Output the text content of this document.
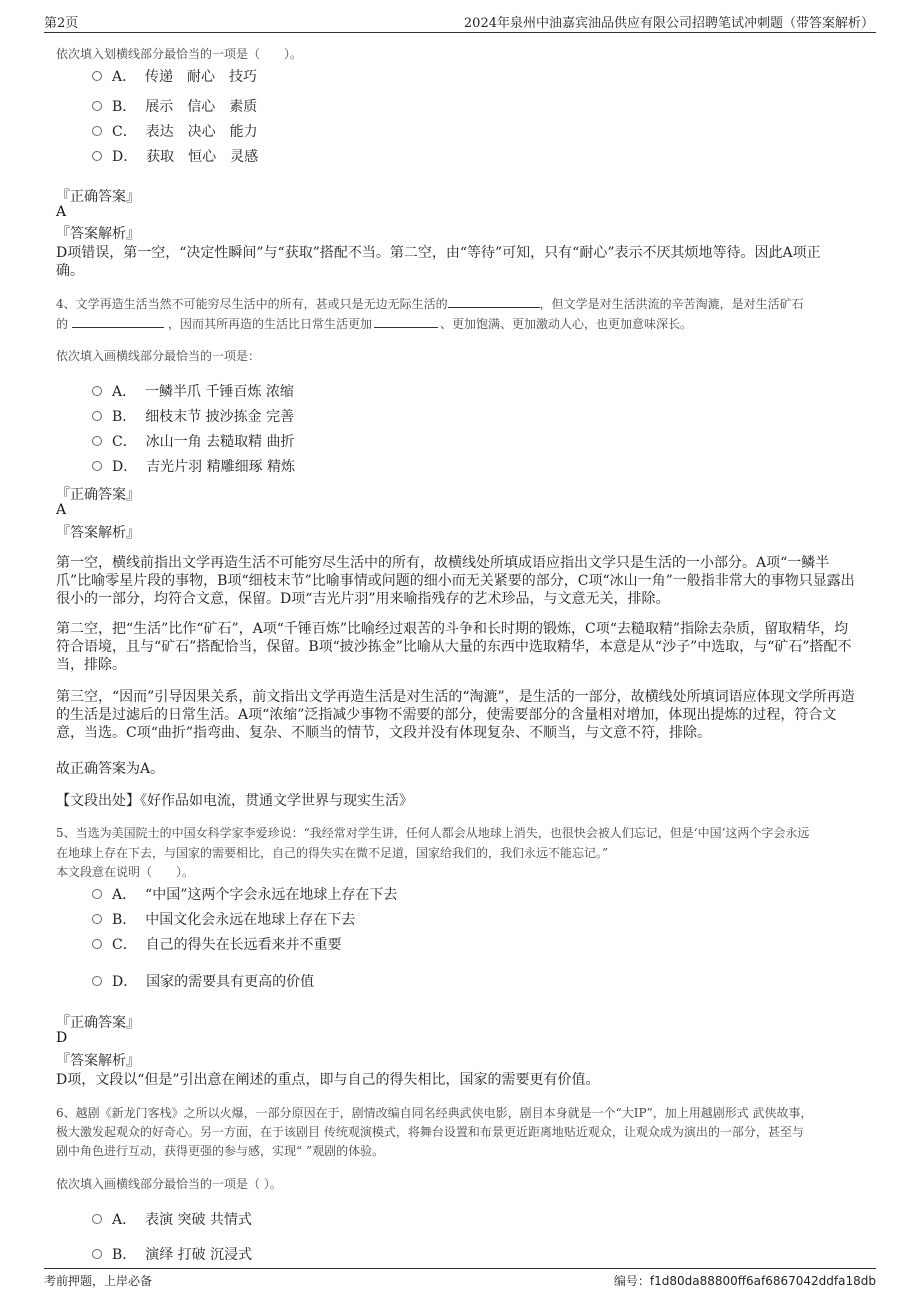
第2页	2024年泉州中油嘉宾油品供应有限公司招聘笔试冲刺题（带答案解析）
依次填入划横线部分最恰当的一项是（　　）。
A． 传递　耐心　技巧
B． 展示　信心　素质
C． 表达　决心　能力
D． 获取　恒心　灵感
『正确答案』
A
『答案解析』
D项错误，第一空，“决定性瞬间”与“获取”搭配不当。第二空，由“等待”可知，只有“耐心”表示不厌其烦地等待。因此A项正
确。
4、文学再造生活当然不可能穷尽生活中的所有，甚或只是无边无际生活的	，但文学是对生活洪流的辛苦淘漉，是对生活矿石
的	，因而其所再造的生活比日常生活更加	、更加饱满、更加激动人心，也更加意味深长。
依次填入画横线部分最恰当的一项是：
A． 一鳞半爪 千锤百炼 浓缩
B． 细枝末节 披沙拣金 完善
C． 冰山一角 去糙取精 曲折
D． 吉光片羽 精雕细琢 精炼
『正确答案』
A
『答案解析』
第一空，横线前指出文学再造生活不可能穷尽生活中的所有，故横线处所填成语应指出文学只是生活的一小部分。A项“一鳞半爪”比喻零星片段的事物，B项“细枝末节”比喻事情或问题的细小而无关紧要的部分，C项“冰山一角”一般指非常大的事物只显露出很小的一部分，均符合文意，保留。D项“吉光片羽”用来喻指残存的艺术珍品，与文意无关，排除。
第二空，把“生活”比作“矿石”，A项“千锤百炼”比喻经过艰苦的斗争和长时期的锻炼，C项“去糙取精”指除去杂质，留取精华，均符合语境，且与“矿石”搭配恰当，保留。B项“披沙拣金”比喻从大量的东西中选取精华，本意是从“沙子”中选取，与“矿石”搭配不当，排除。
第三空，“因而”引导因果关系，前文指出文学再造生活是对生活的“淘漉”，是生活的一部分，故横线处所填词语应体现文学所再造的生活是过滤后的日常生活。A项“浓缩”泛指减少事物不需要的部分，使需要部分的含量相对增加，体现出提炼的过程，符合文意，当选。C项“曲折”指弯曲、复杂、不顺当的情节，文段并没有体现复杂、不顺当，与文意不符，排除。
故正确答案为A。
【文段出处】《好作品如电流，贯通文学世界与现实生活》
5、当选为美国院士的中国女科学家李爱珍说：“我经常对学生讲，任何人都会从地球上消失，也很快会被人们忘记，但是‘中国’这两个字会永远
在地球上存在下去，与国家的需要相比，自己的得失实在微不足道，国家给我们的，我们永远不能忘记。”
本文段意在说明（　　）。
A． “中国”这两个字会永远在地球上存在下去
B． 中国文化会永远在地球上存在下去
C． 自己的得失在长远看来并不重要
D． 国家的需要具有更高的价值
『正确答案』
D
『答案解析』
D项，文段以“但是”引出意在阐述的重点，即与自己的得失相比，国家的需要更有价值。
6、越剧《新龙门客栈》之所以火爆，一部分原因在于，剧情改编自同名经典武侠电影，剧目本身就是一个“大IP”，加上用越剧形式 武侠故事，
极大激发起观众的好奇心。另一方面，在于该剧目 传统观演模式，将舞台设置和布景更近距离地贴近观众，让观众成为演出的一部分，甚至与
剧中角色进行互动，获得更强的参与感，实现“ ”观剧的体验。
依次填入画横线部分最恰当的一项是（ ）。
A． 表演 突破 共情式
B． 演绎 打破 沉浸式
考前押题，上岸必备	编号：f1d80da88800ff6af6867042ddfa18db
